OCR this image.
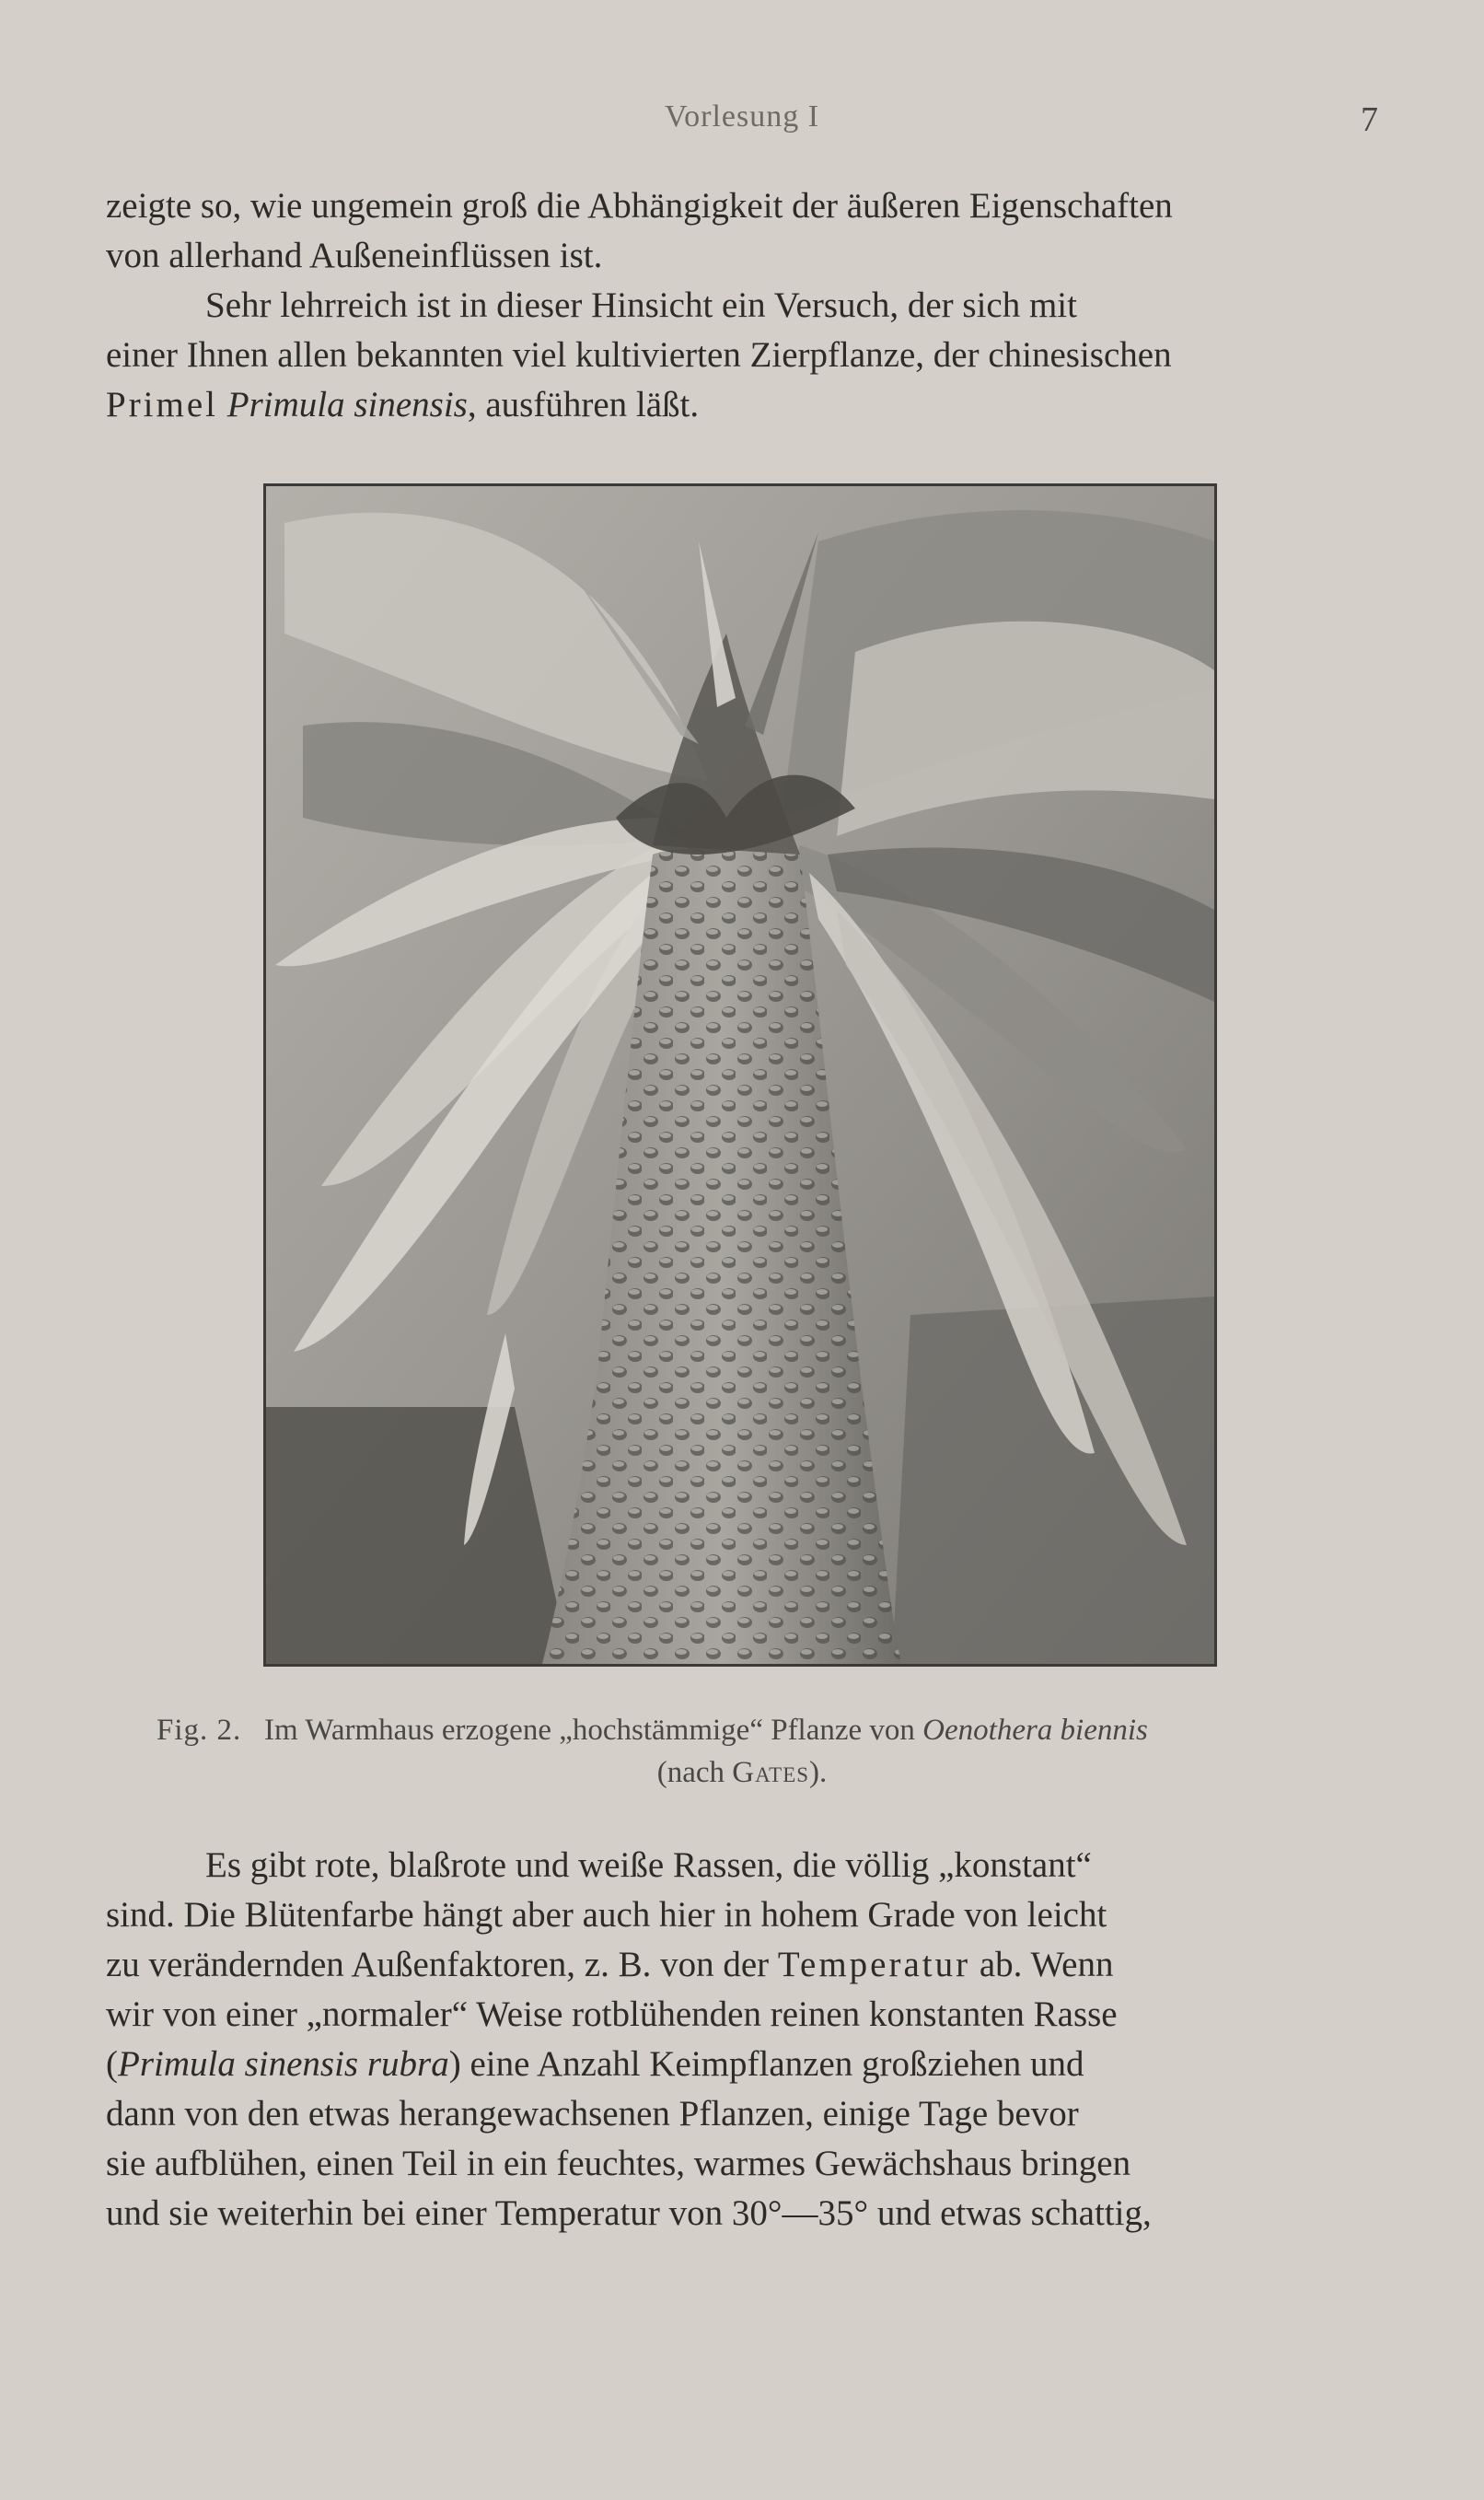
Vorlesung I	7

zeigte so, wie ungemein groß die Abhängigkeit der äußeren Eigenschaften

von allerhand Außeneinflüssen ist.

Sehr lehrreich ist in dieser Hinsicht ein Versuch, der sich mit

einer Ihnen allen bekannten viel kultivierten Zierpflanze, der chinesischen

Primel Primula sinensis, ausführen läßt.

Fig. 2. Im Warmhaus erzogene „hochstämmige“ Pflanze von Oenothera biennis
(nach Gates).

Es gibt rote, blaßrote und weiße Rassen, die völlig „konstant“

sind. Die Blütenfarbe hängt aber auch hier in hohem Grade von leicht

zu verändernden Außenfaktoren, z. B. von der Temperatur ab. Wenn

wir von einer „normaler“ Weise rotblühenden reinen konstanten Rasse

(Primula sinensis rubra) eine Anzahl Keimpflanzen großziehen und

dann von den etwas herangewachsenen Pflanzen, einige Tage bevor

sie aufblühen, einen Teil in ein feuchtes, warmes Gewächshaus bringen

und sie weiterhin bei einer Temperatur von 30°—35° und etwas schattig,
